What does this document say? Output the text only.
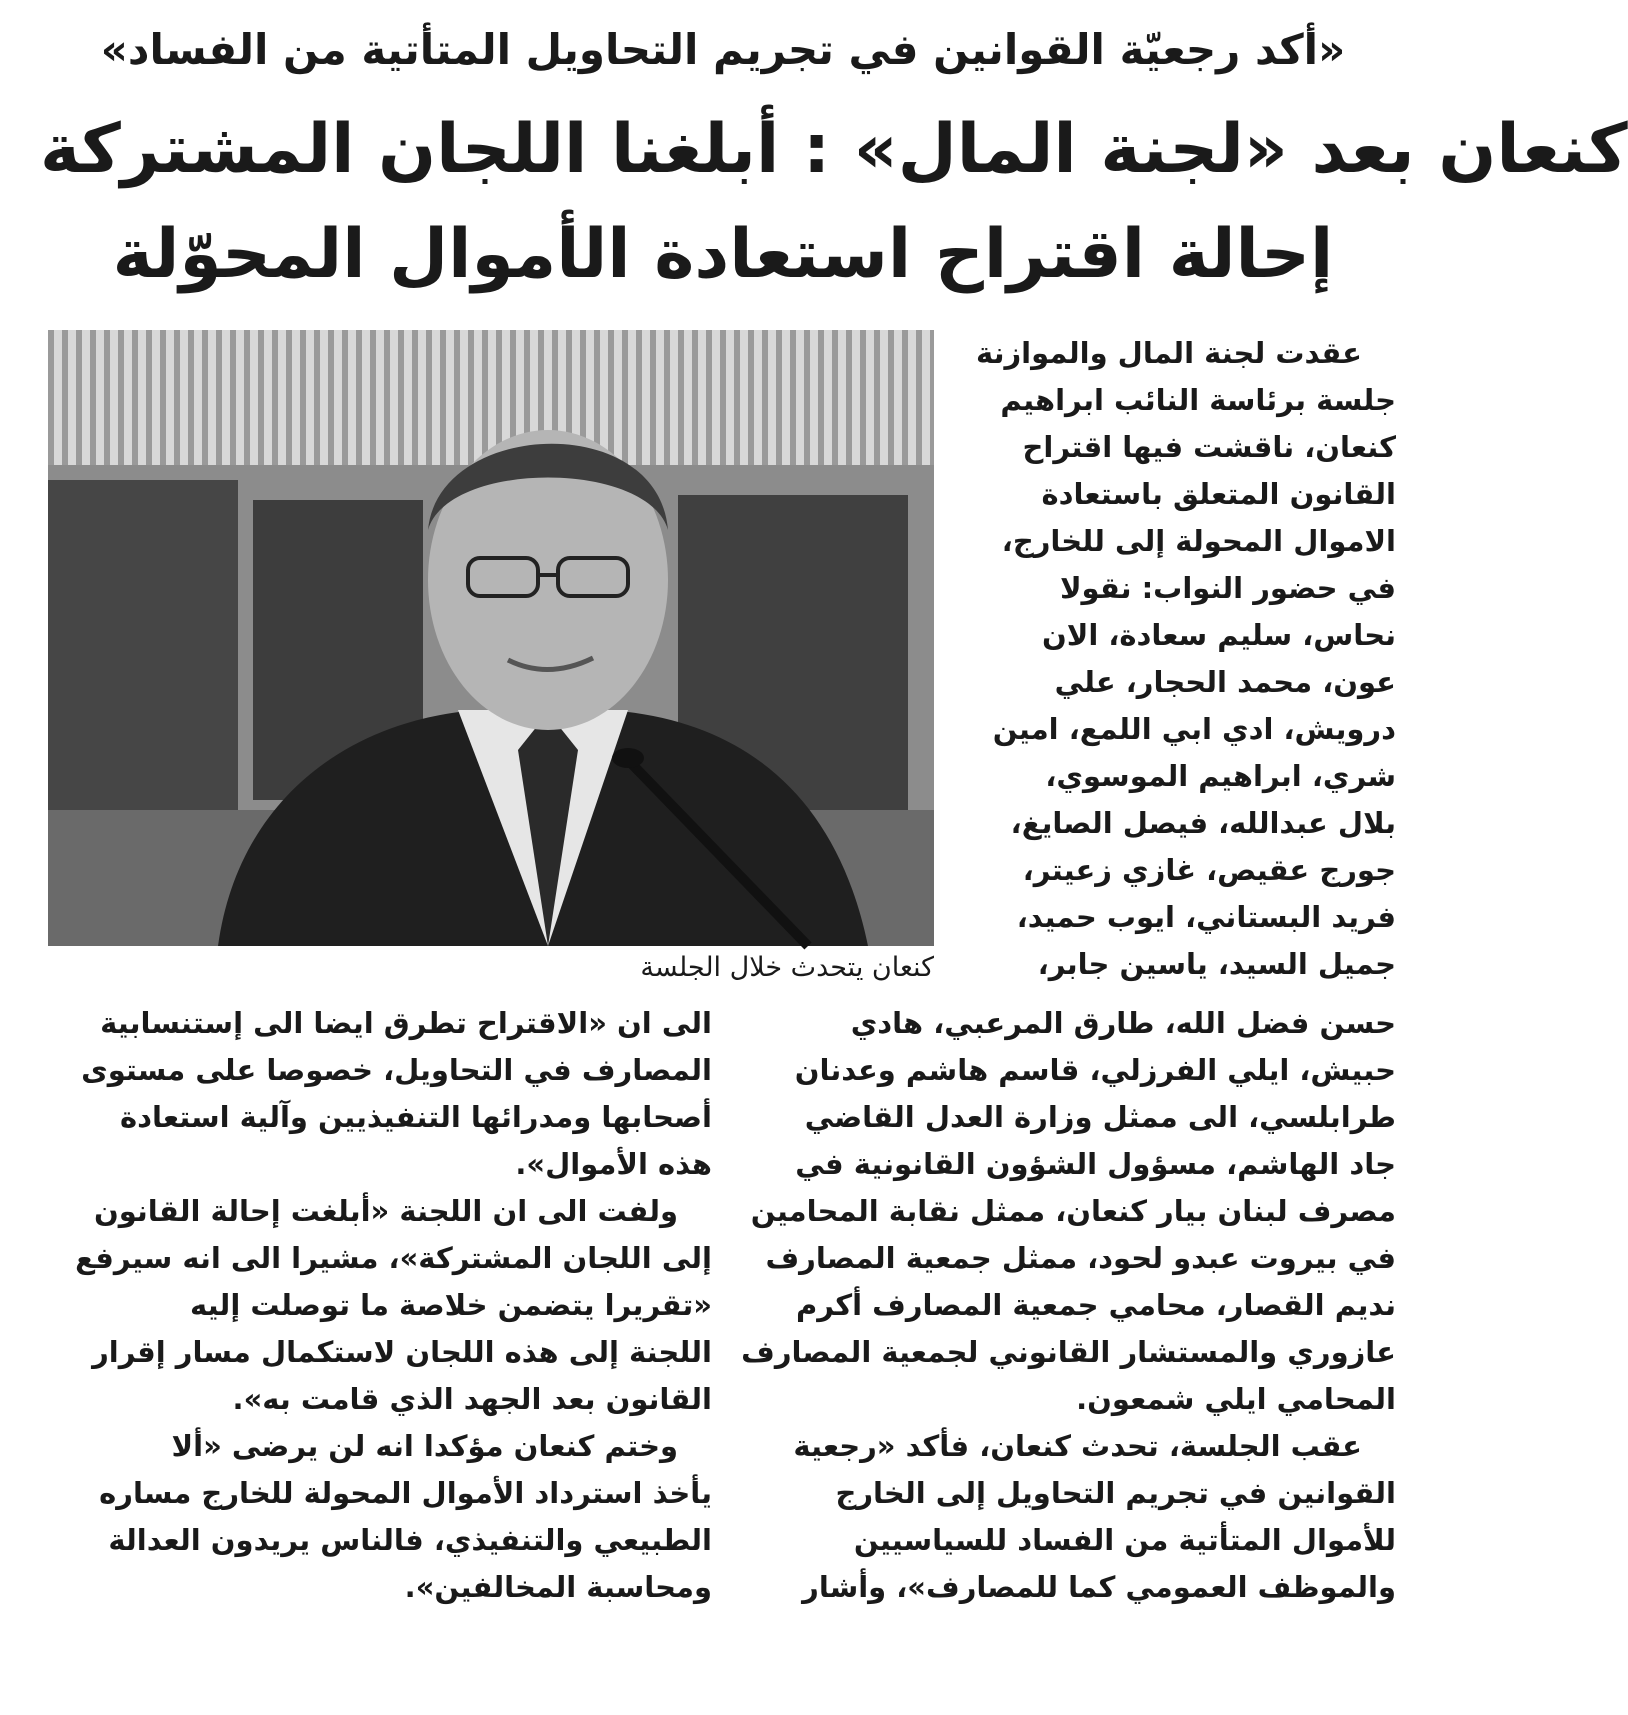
«أكد رجعيّة القوانين في تجريم التحاويل المتأتية من الفساد»
كنعان بعد «لجنة المال» : أبلغنا اللجان المشتركة
إحالة اقتراح استعادة الأموال المحوّلة
كنعان يتحدث خلال الجلسة
عقدت لجنة المال والموازنة
جلسة برئاسة النائب ابراهيم
كنعان، ناقشت فيها اقتراح
القانون المتعلق باستعادة
الاموال المحولة إلى للخارج،
في حضور النواب: نقولا
نحاس، سليم سعادة، الان
عون، محمد الحجار، علي
درويش، ادي ابي اللمع، امين
شري، ابراهيم الموسوي،
بلال عبدالله، فيصل الصايغ،
جورج عقيص، غازي زعيتر،
فريد البستاني، ايوب حميد،
جميل السيد، ياسين جابر،
حسن فضل الله، طارق المرعبي، هادي
حبيش، ايلي الفرزلي، قاسم هاشم وعدنان
طرابلسي، الى ممثل وزارة العدل القاضي
جاد الهاشم، مسؤول الشؤون القانونية في
مصرف لبنان بيار كنعان، ممثل نقابة المحامين
في بيروت عبدو لحود، ممثل جمعية المصارف
نديم القصار، محامي جمعية المصارف أكرم
عازوري والمستشار القانوني لجمعية المصارف
المحامي ايلي شمعون.
عقب الجلسة، تحدث كنعان، فأكد «رجعية
القوانين في تجريم التحاويل إلى الخارج
للأموال المتأتية من الفساد للسياسيين
والموظف العمومي كما للمصارف»، وأشار
الى ان «الاقتراح تطرق ايضا الى إستنسابية
المصارف في التحاويل، خصوصا على مستوى
أصحابها ومدرائها التنفيذيين وآلية استعادة
هذه الأموال».
ولفت الى ان اللجنة «أبلغت إحالة القانون
إلى اللجان المشتركة»، مشيرا الى انه سيرفع
«تقريرا يتضمن خلاصة ما توصلت إليه
اللجنة إلى هذه اللجان لاستكمال مسار إقرار
القانون بعد الجهد الذي قامت به».
وختم كنعان مؤكدا انه لن يرضى «ألا
يأخذ استرداد الأموال المحولة للخارج مساره
الطبيعي والتنفيذي، فالناس يريدون العدالة
ومحاسبة المخالفين».
